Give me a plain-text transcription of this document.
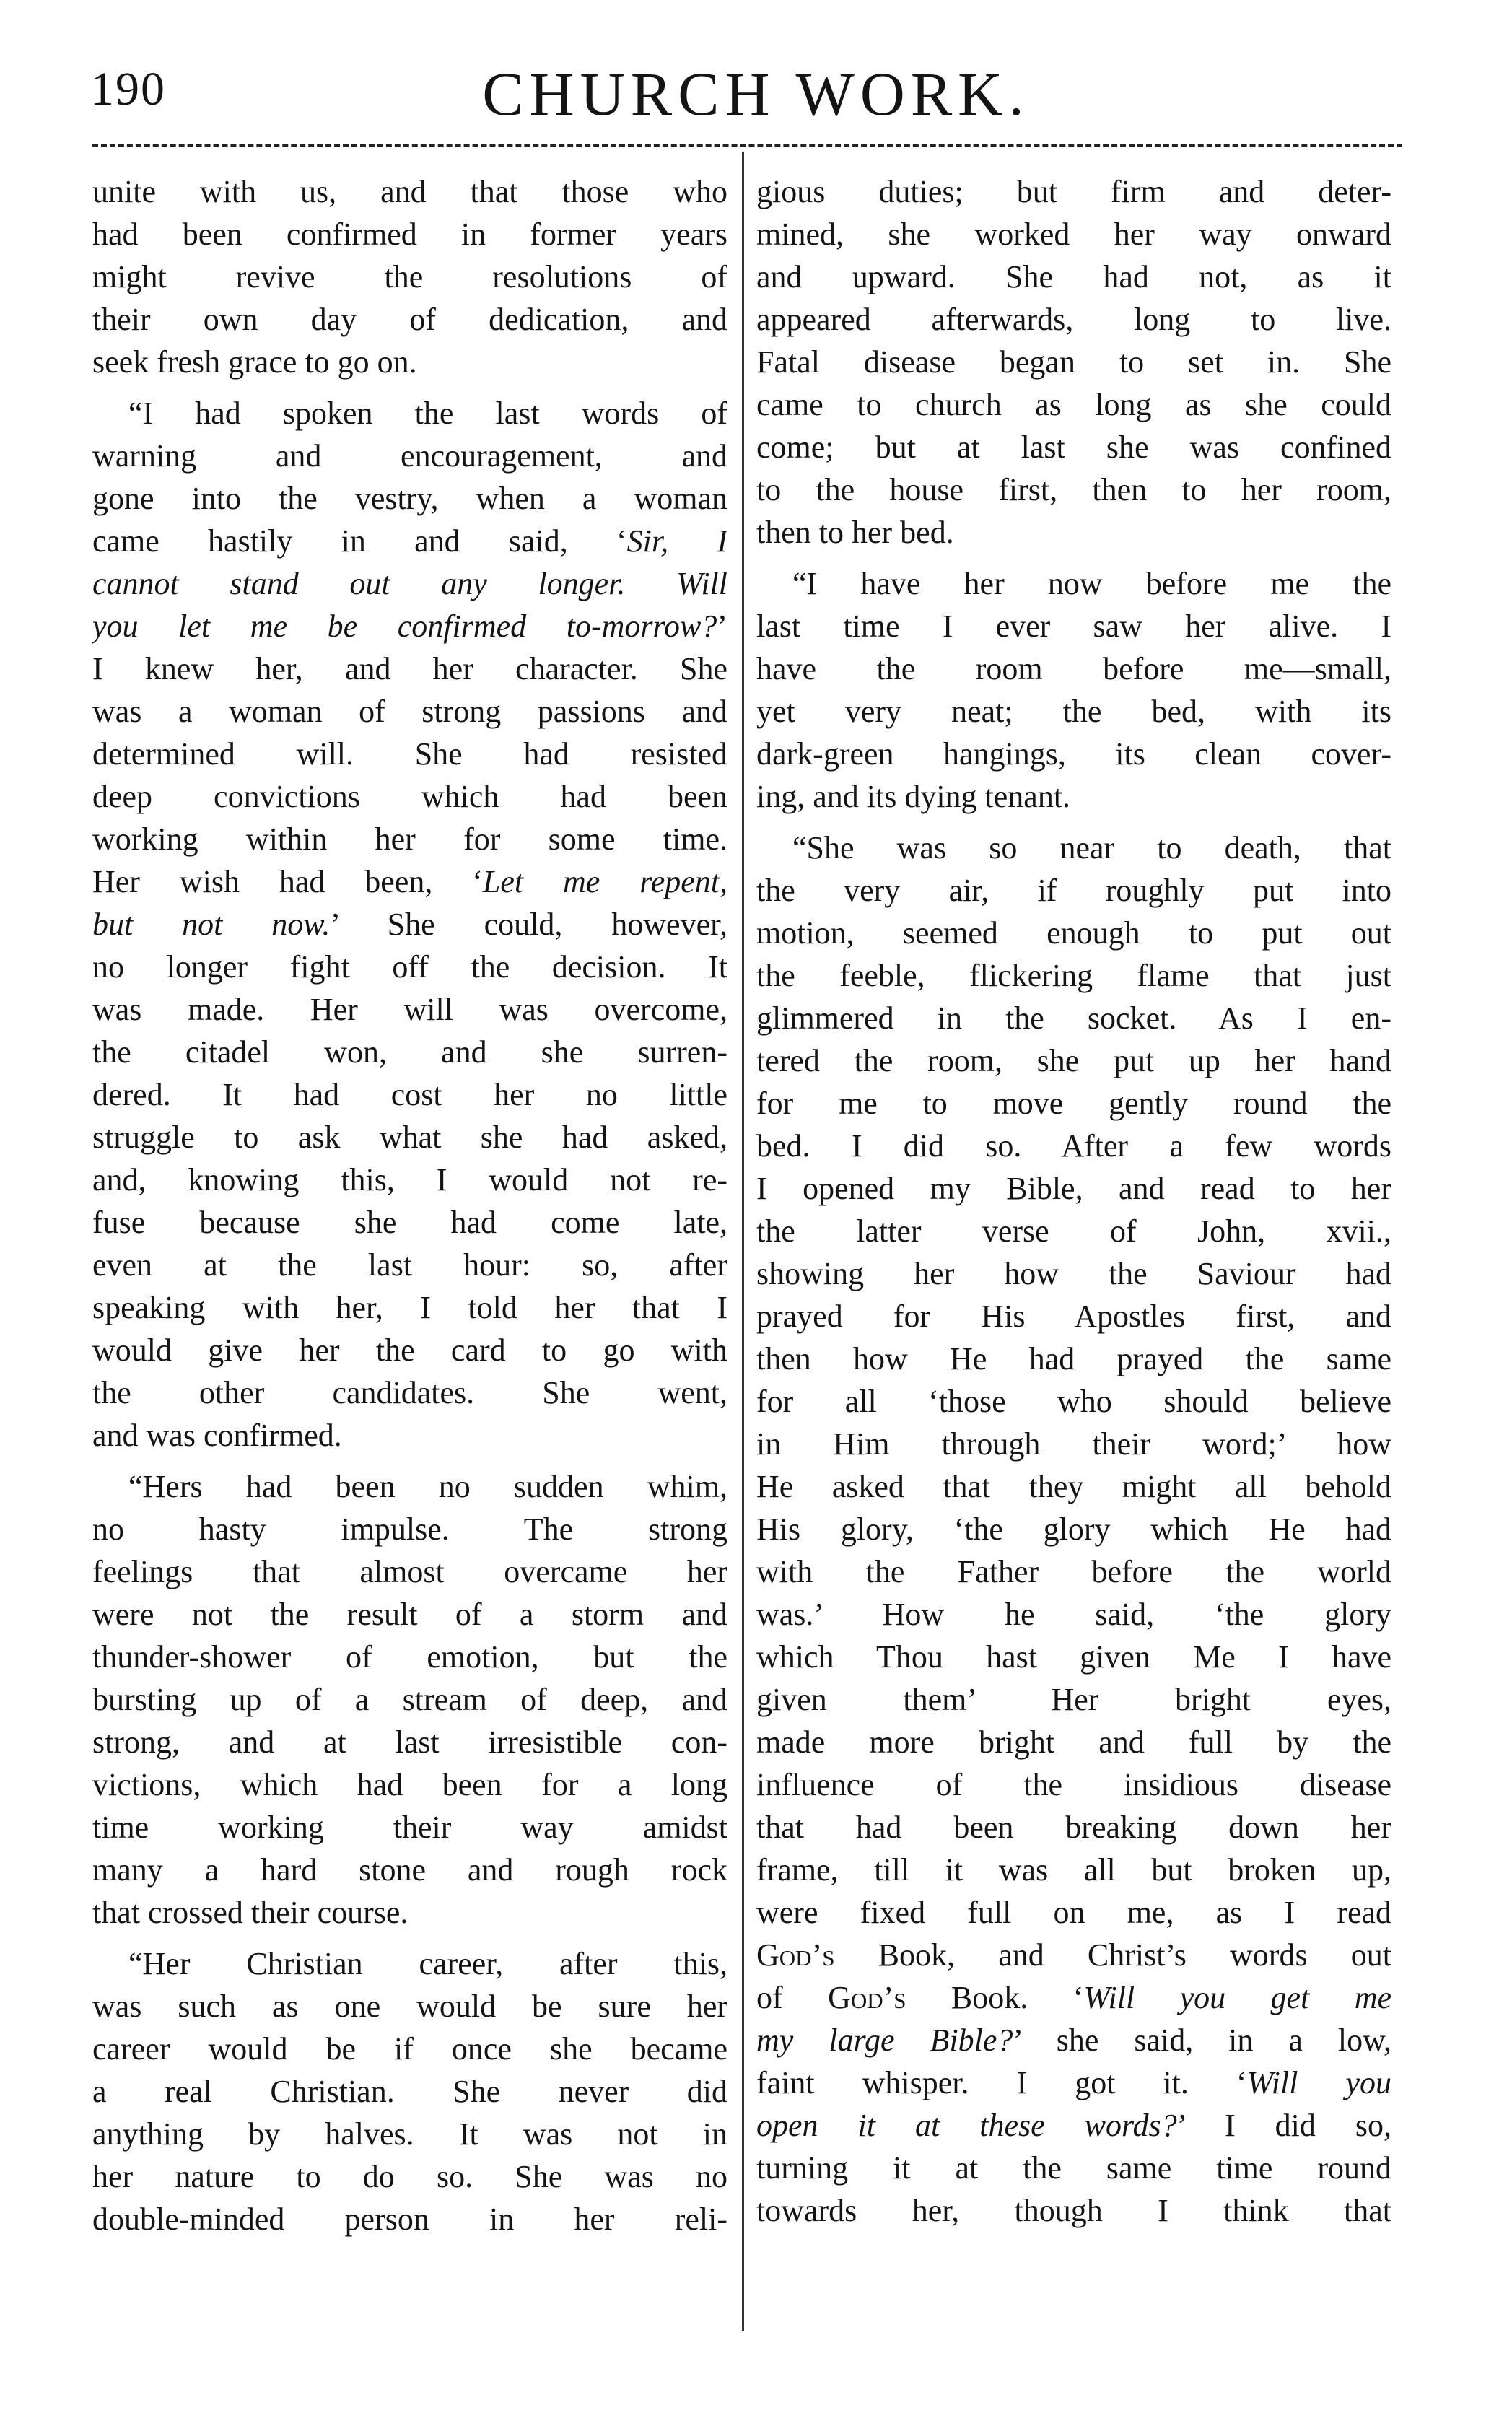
190	CHURCH WORK.
unite with us, and that those who
had been confirmed in former years
might revive the resolutions of
their own day of dedication, and
seek fresh grace to go on.
“I had spoken the last words of
warning and encouragement, and
gone into the vestry, when a woman
came hastily in and said, ‘Sir, I
cannot stand out any longer. Will
you let me be confirmed to-morrow?’
I knew her, and her character. She
was a woman of strong passions and
determined will. She had resisted
deep convictions which had been
working within her for some time.
Her wish had been, ‘Let me repent,
but not now.’ She could, however,
no longer fight off the decision. It
was made. Her will was overcome,
the citadel won, and she surren-
dered. It had cost her no little
struggle to ask what she had asked,
and, knowing this, I would not re-
fuse because she had come late,
even at the last hour: so, after
speaking with her, I told her that I
would give her the card to go with
the other candidates. She went,
and was confirmed.
“Hers had been no sudden whim,
no hasty impulse. The strong
feelings that almost overcame her
were not the result of a storm and
thunder-shower of emotion, but the
bursting up of a stream of deep, and
strong, and at last irresistible con-
victions, which had been for a long
time working their way amidst
many a hard stone and rough rock
that crossed their course.
“Her Christian career, after this,
was such as one would be sure her
career would be if once she became
a real Christian. She never did
anything by halves. It was not in
her nature to do so. She was no
double-minded person in her reli-
gious duties; but firm and deter-
mined, she worked her way onward
and upward. She had not, as it
appeared afterwards, long to live.
Fatal disease began to set in. She
came to church as long as she could
come; but at last she was confined
to the house first, then to her room,
then to her bed.
“I have her now before me the
last time I ever saw her alive. I
have the room before me—small,
yet very neat; the bed, with its
dark-green hangings, its clean cover-
ing, and its dying tenant.
“She was so near to death, that
the very air, if roughly put into
motion, seemed enough to put out
the feeble, flickering flame that just
glimmered in the socket. As I en-
tered the room, she put up her hand
for me to move gently round the
bed. I did so. After a few words
I opened my Bible, and read to her
the latter verse of John, xvii.,
showing her how the Saviour had
prayed for His Apostles first, and
then how He had prayed the same
for all ‘those who should believe
in Him through their word;’ how
He asked that they might all behold
His glory, ‘the glory which He had
with the Father before the world
was.’ How he said, ‘the glory
which Thou hast given Me I have
given them’ Her bright eyes,
made more bright and full by the
influence of the insidious disease
that had been breaking down her
frame, till it was all but broken up,
were fixed full on me, as I read
God’s Book, and Christ’s words out
of God’s Book. ‘Will you get me
my large Bible?’ she said, in a low,
faint whisper. I got it. ‘Will you
open it at these words?’ I did so,
turning it at the same time round
towards her, though I think that
